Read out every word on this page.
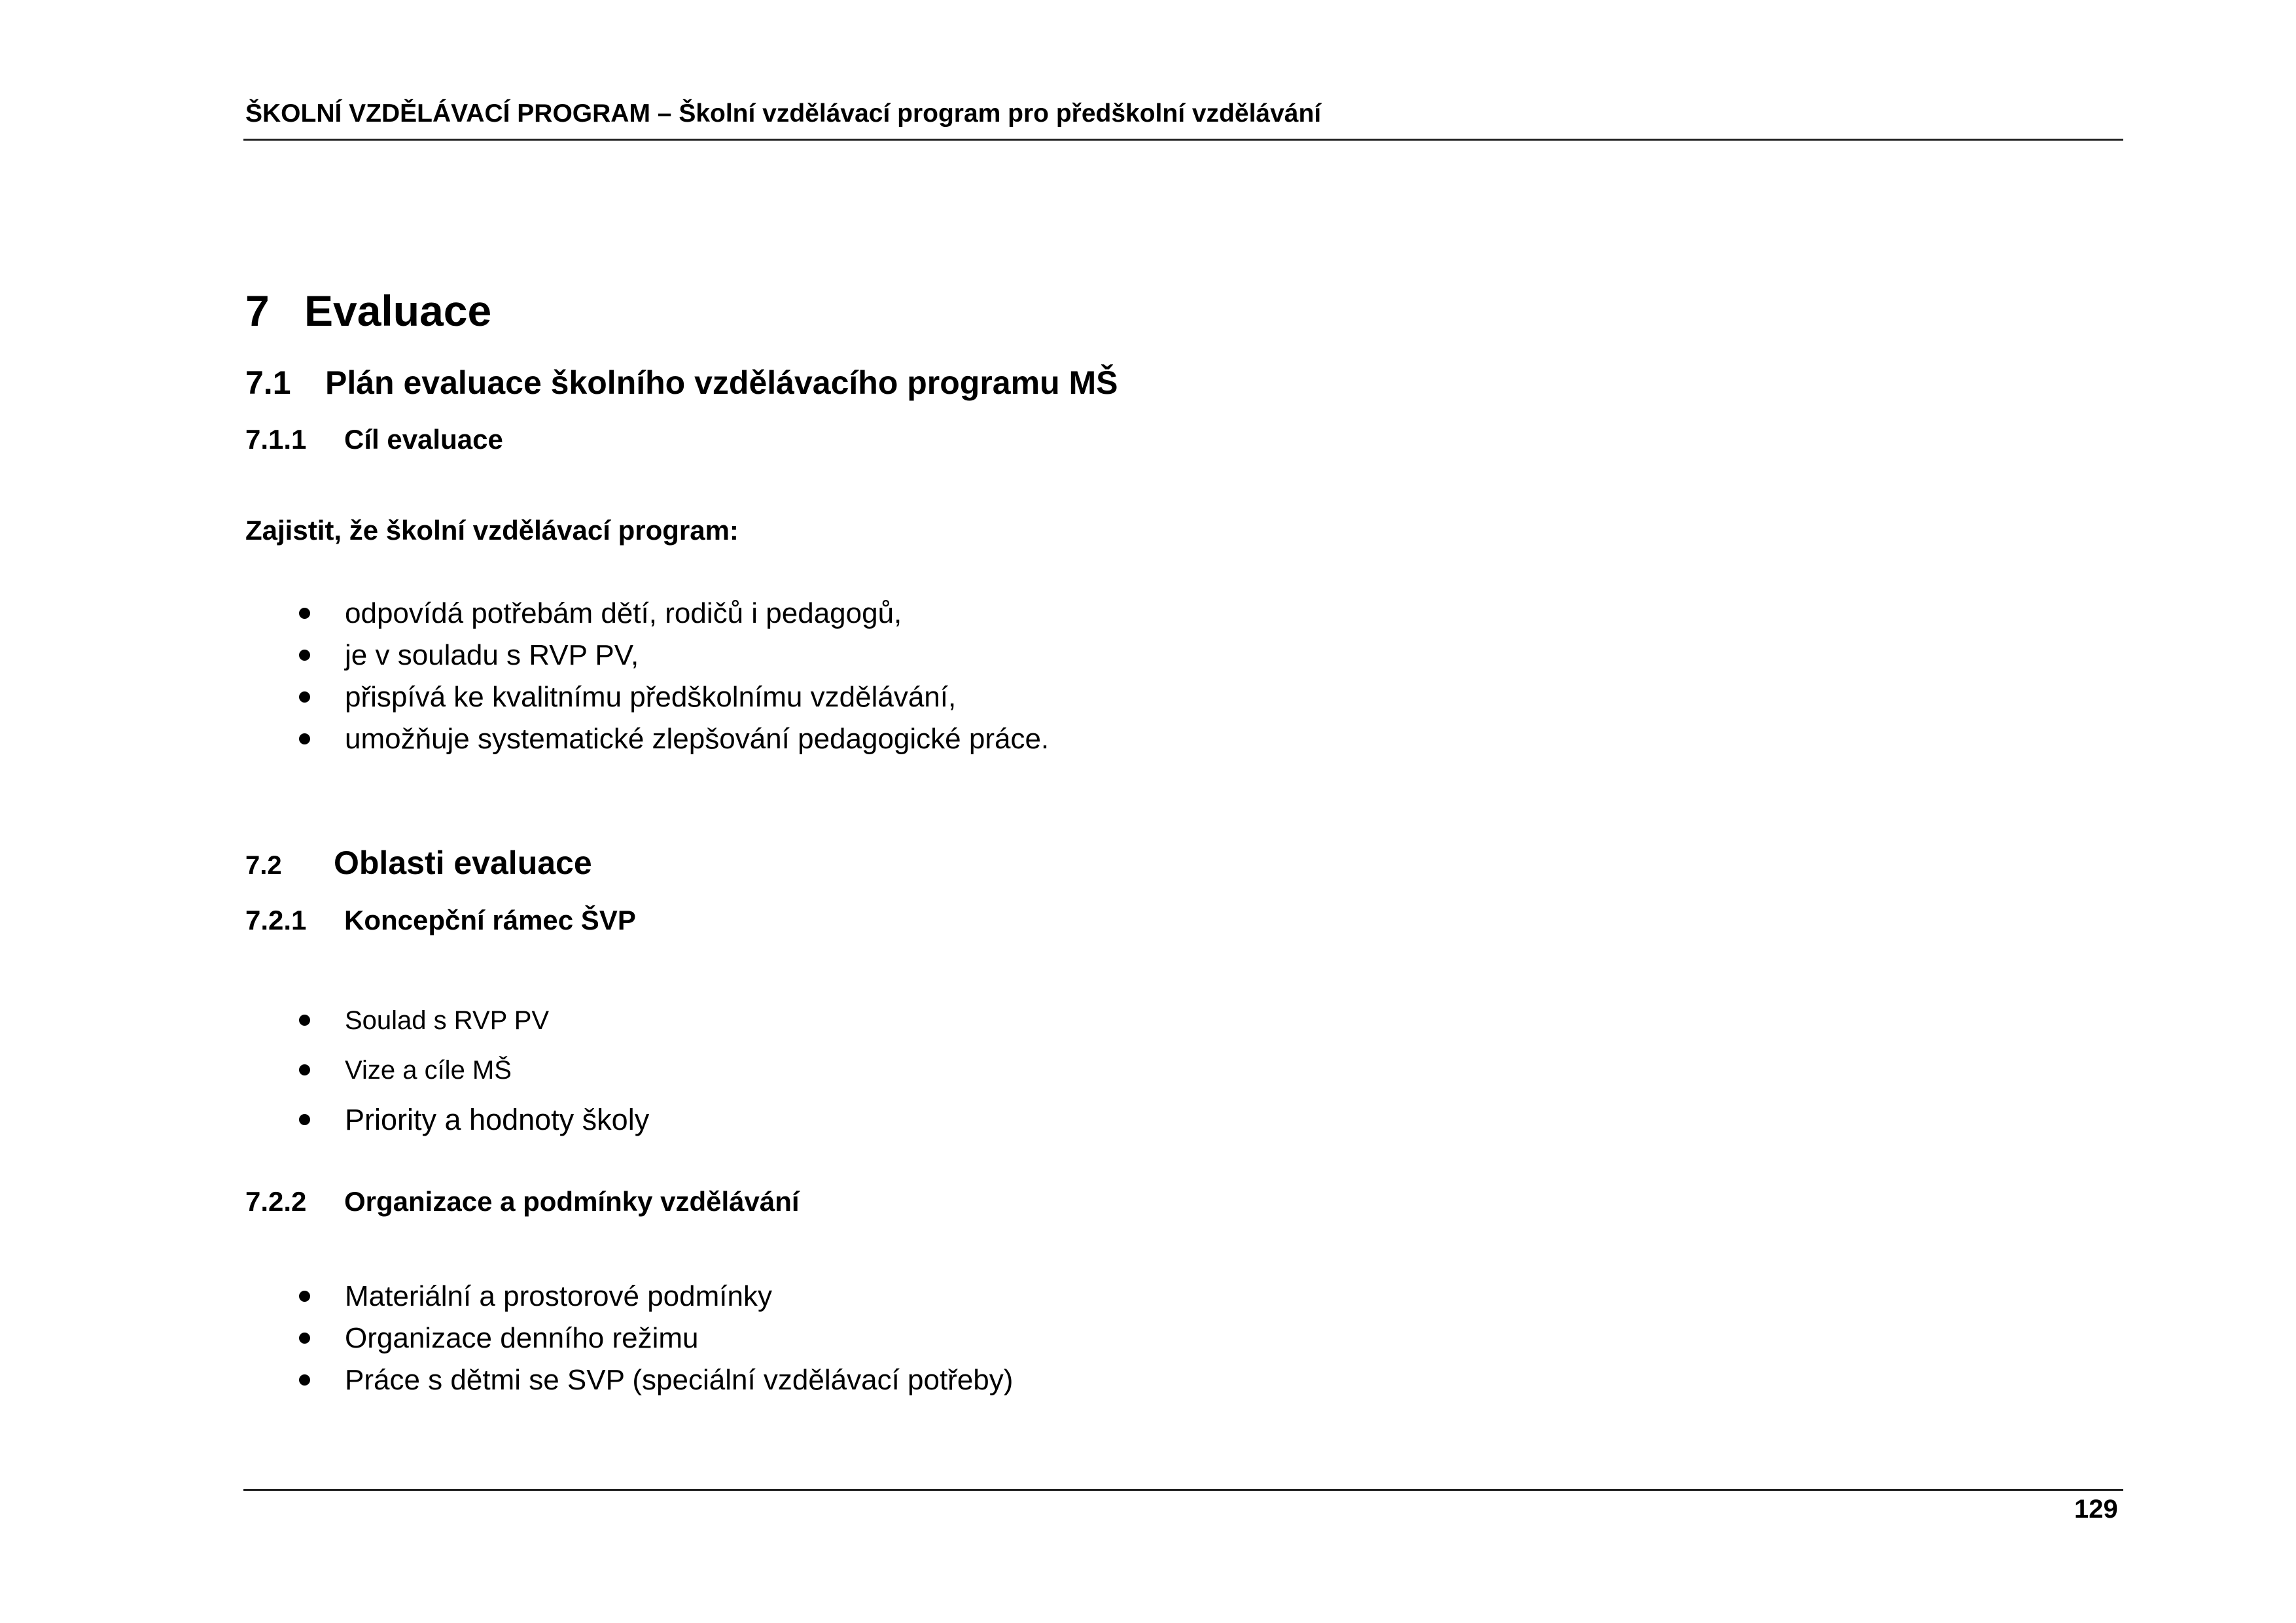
ŠKOLNÍ VZDĚLÁVACÍ PROGRAM – Školní vzdělávací program pro předškolní vzdělávání
7 Evaluace
7.1 Plán evaluace školního vzdělávacího programu MŠ
7.1.1 Cíl evaluace
Zajistit, že školní vzdělávací program:
odpovídá potřebám dětí, rodičů i pedagogů,
je v souladu s RVP PV,
přispívá ke kvalitnímu předškolnímu vzdělávání,
umožňuje systematické zlepšování pedagogické práce.
7.2 Oblasti evaluace
7.2.1 Koncepční rámec ŠVP
Soulad s RVP PV
Vize a cíle MŠ
Priority a hodnoty školy
7.2.2 Organizace a podmínky vzdělávání
Materiální a prostorové podmínky
Organizace denního režimu
Práce s dětmi se SVP (speciální vzdělávací potřeby)
129
